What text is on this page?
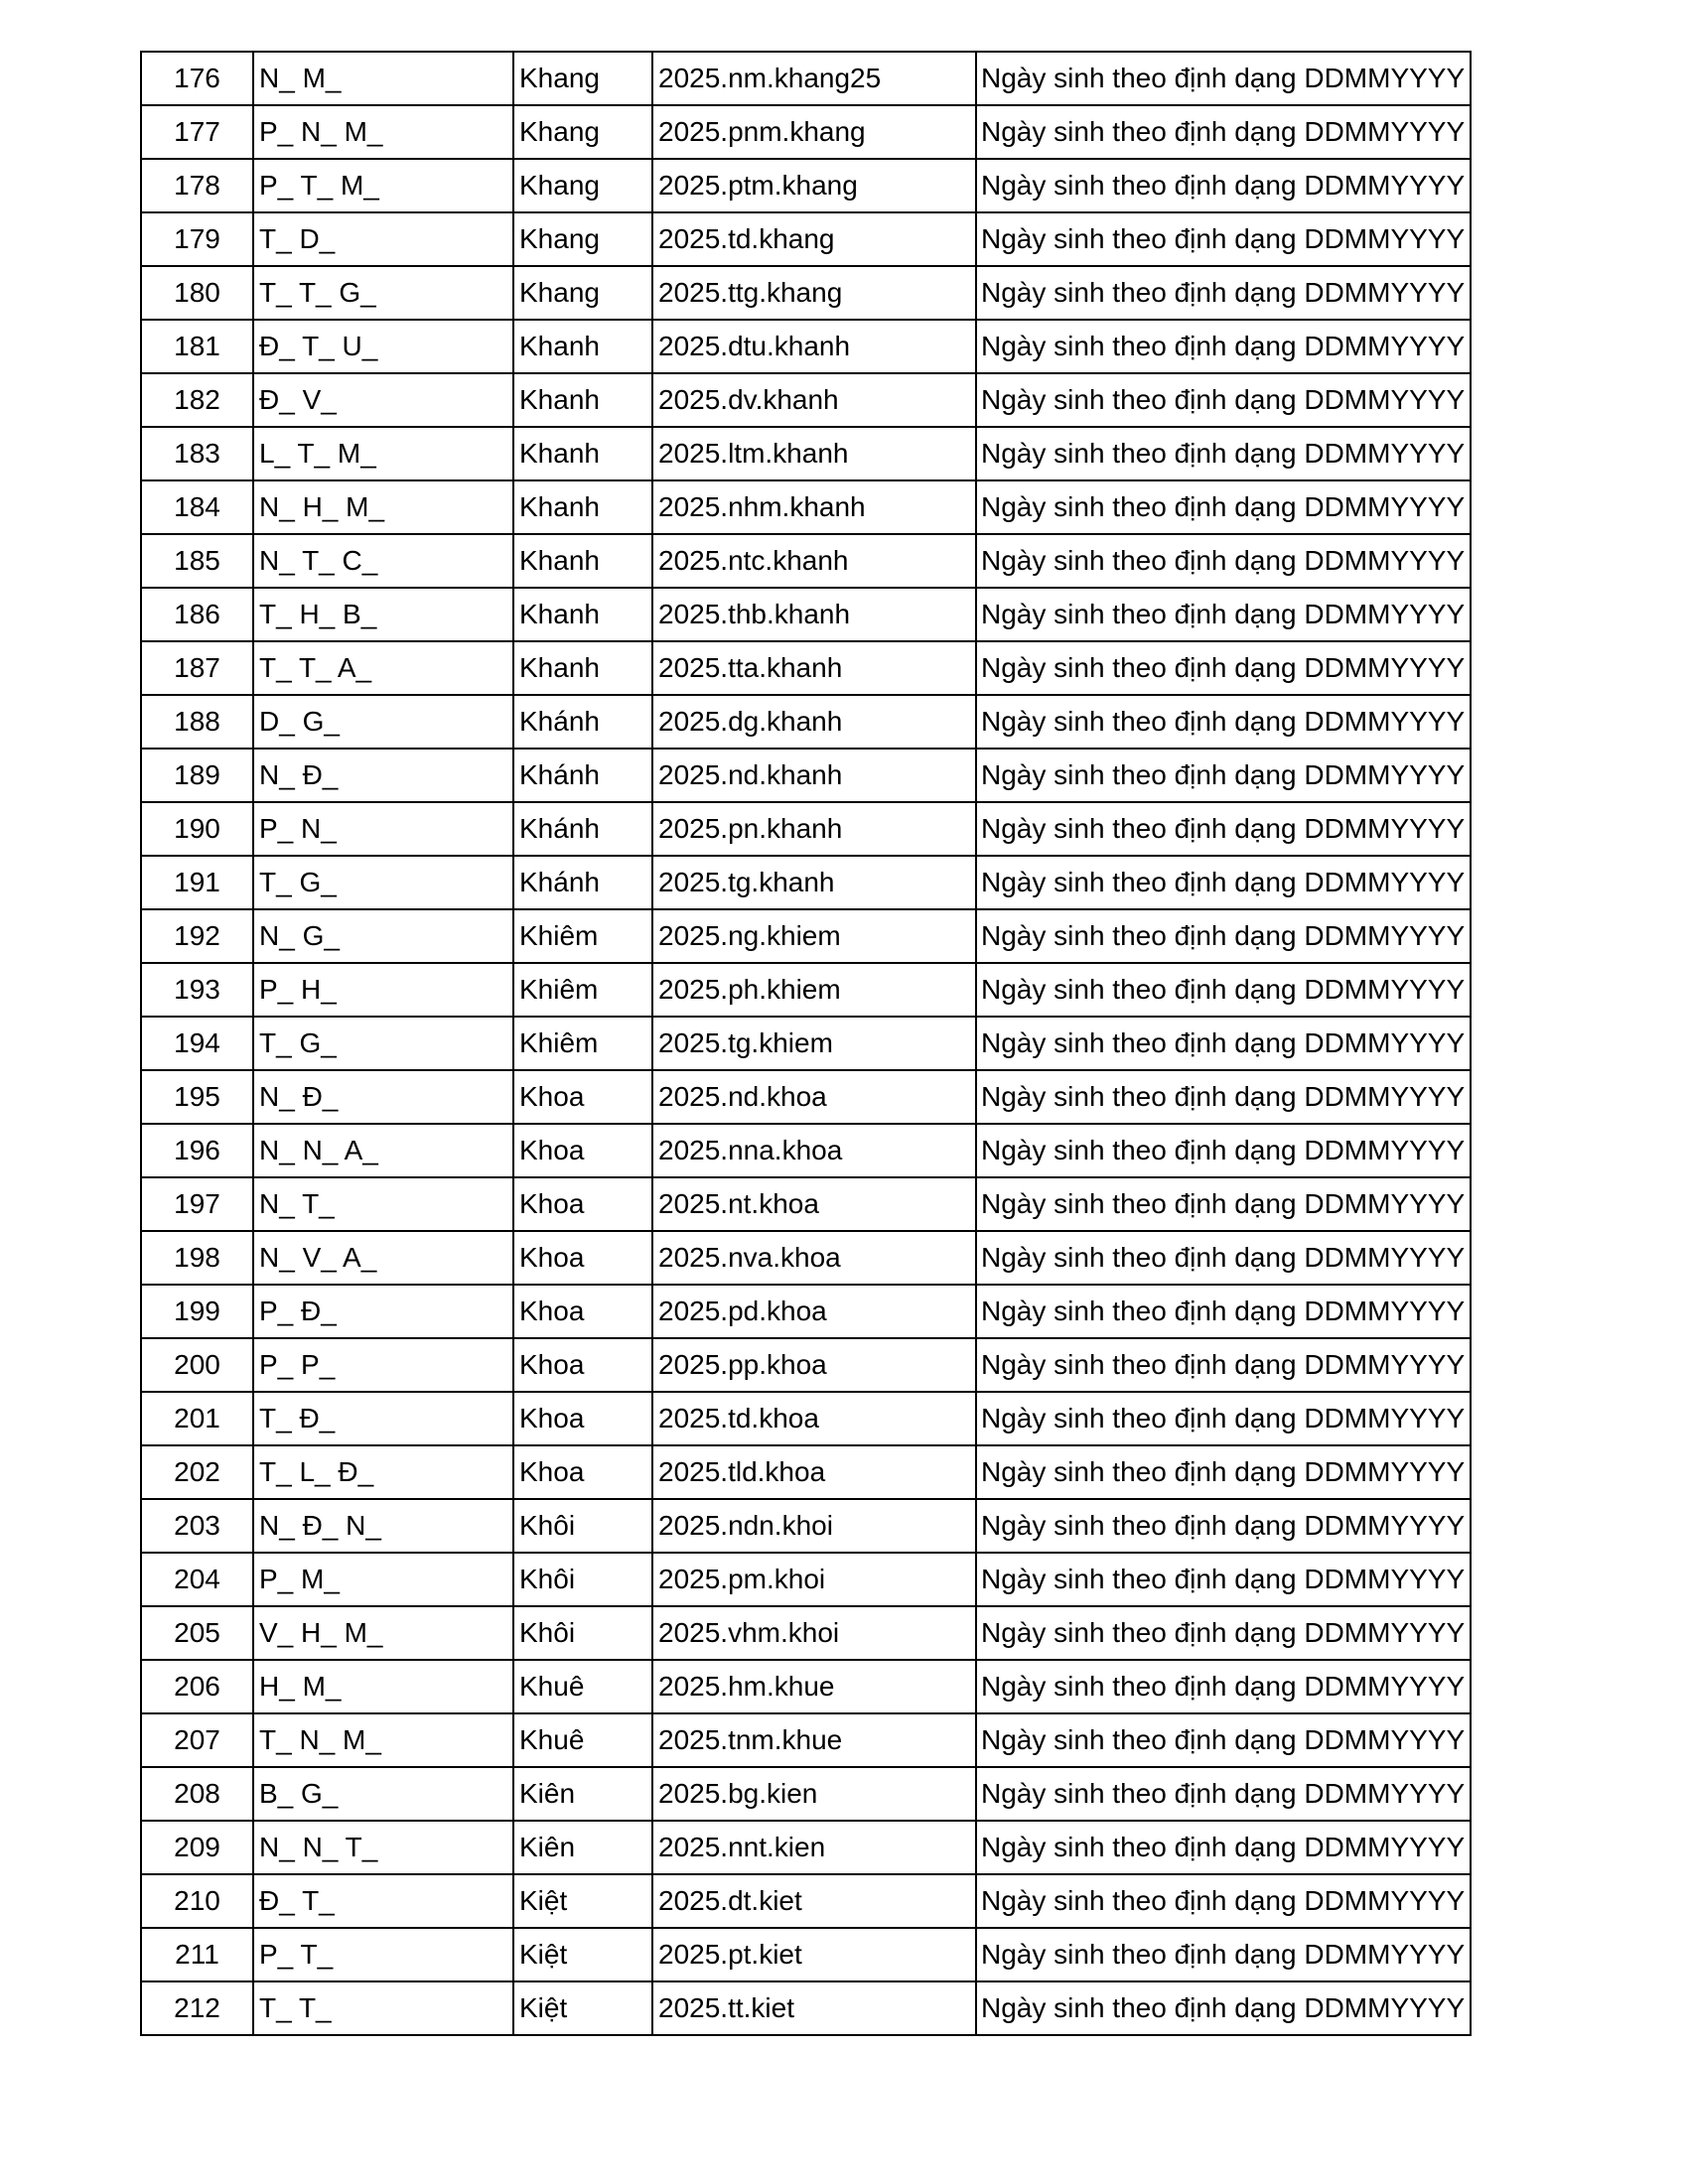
176	N_ M_	Khang	2025.nm.khang25	Ngày sinh theo định dạng DDMMYYYY
177	P_ N_ M_	Khang	2025.pnm.khang	Ngày sinh theo định dạng DDMMYYYY
178	P_ T_ M_	Khang	2025.ptm.khang	Ngày sinh theo định dạng DDMMYYYY
179	T_ D_	Khang	2025.td.khang	Ngày sinh theo định dạng DDMMYYYY
180	T_ T_ G_	Khang	2025.ttg.khang	Ngày sinh theo định dạng DDMMYYYY
181	Đ_ T_ U_	Khanh	2025.dtu.khanh	Ngày sinh theo định dạng DDMMYYYY
182	Đ_ V_	Khanh	2025.dv.khanh	Ngày sinh theo định dạng DDMMYYYY
183	L_ T_ M_	Khanh	2025.ltm.khanh	Ngày sinh theo định dạng DDMMYYYY
184	N_ H_ M_	Khanh	2025.nhm.khanh	Ngày sinh theo định dạng DDMMYYYY
185	N_ T_ C_	Khanh	2025.ntc.khanh	Ngày sinh theo định dạng DDMMYYYY
186	T_ H_ B_	Khanh	2025.thb.khanh	Ngày sinh theo định dạng DDMMYYYY
187	T_ T_ A_	Khanh	2025.tta.khanh	Ngày sinh theo định dạng DDMMYYYY
188	D_ G_	Khánh	2025.dg.khanh	Ngày sinh theo định dạng DDMMYYYY
189	N_ Đ_	Khánh	2025.nd.khanh	Ngày sinh theo định dạng DDMMYYYY
190	P_ N_	Khánh	2025.pn.khanh	Ngày sinh theo định dạng DDMMYYYY
191	T_ G_	Khánh	2025.tg.khanh	Ngày sinh theo định dạng DDMMYYYY
192	N_ G_	Khiêm	2025.ng.khiem	Ngày sinh theo định dạng DDMMYYYY
193	P_ H_	Khiêm	2025.ph.khiem	Ngày sinh theo định dạng DDMMYYYY
194	T_ G_	Khiêm	2025.tg.khiem	Ngày sinh theo định dạng DDMMYYYY
195	N_ Đ_	Khoa	2025.nd.khoa	Ngày sinh theo định dạng DDMMYYYY
196	N_ N_ A_	Khoa	2025.nna.khoa	Ngày sinh theo định dạng DDMMYYYY
197	N_ T_	Khoa	2025.nt.khoa	Ngày sinh theo định dạng DDMMYYYY
198	N_ V_ A_	Khoa	2025.nva.khoa	Ngày sinh theo định dạng DDMMYYYY
199	P_ Đ_	Khoa	2025.pd.khoa	Ngày sinh theo định dạng DDMMYYYY
200	P_ P_	Khoa	2025.pp.khoa	Ngày sinh theo định dạng DDMMYYYY
201	T_ Đ_	Khoa	2025.td.khoa	Ngày sinh theo định dạng DDMMYYYY
202	T_ L_ Đ_	Khoa	2025.tld.khoa	Ngày sinh theo định dạng DDMMYYYY
203	N_ Đ_ N_	Khôi	2025.ndn.khoi	Ngày sinh theo định dạng DDMMYYYY
204	P_ M_	Khôi	2025.pm.khoi	Ngày sinh theo định dạng DDMMYYYY
205	V_ H_ M_	Khôi	2025.vhm.khoi	Ngày sinh theo định dạng DDMMYYYY
206	H_ M_	Khuê	2025.hm.khue	Ngày sinh theo định dạng DDMMYYYY
207	T_ N_ M_	Khuê	2025.tnm.khue	Ngày sinh theo định dạng DDMMYYYY
208	B_ G_	Kiên	2025.bg.kien	Ngày sinh theo định dạng DDMMYYYY
209	N_ N_ T_	Kiên	2025.nnt.kien	Ngày sinh theo định dạng DDMMYYYY
210	Đ_ T_	Kiệt	2025.dt.kiet	Ngày sinh theo định dạng DDMMYYYY
211	P_ T_	Kiệt	2025.pt.kiet	Ngày sinh theo định dạng DDMMYYYY
212	T_ T_	Kiệt	2025.tt.kiet	Ngày sinh theo định dạng DDMMYYYY
